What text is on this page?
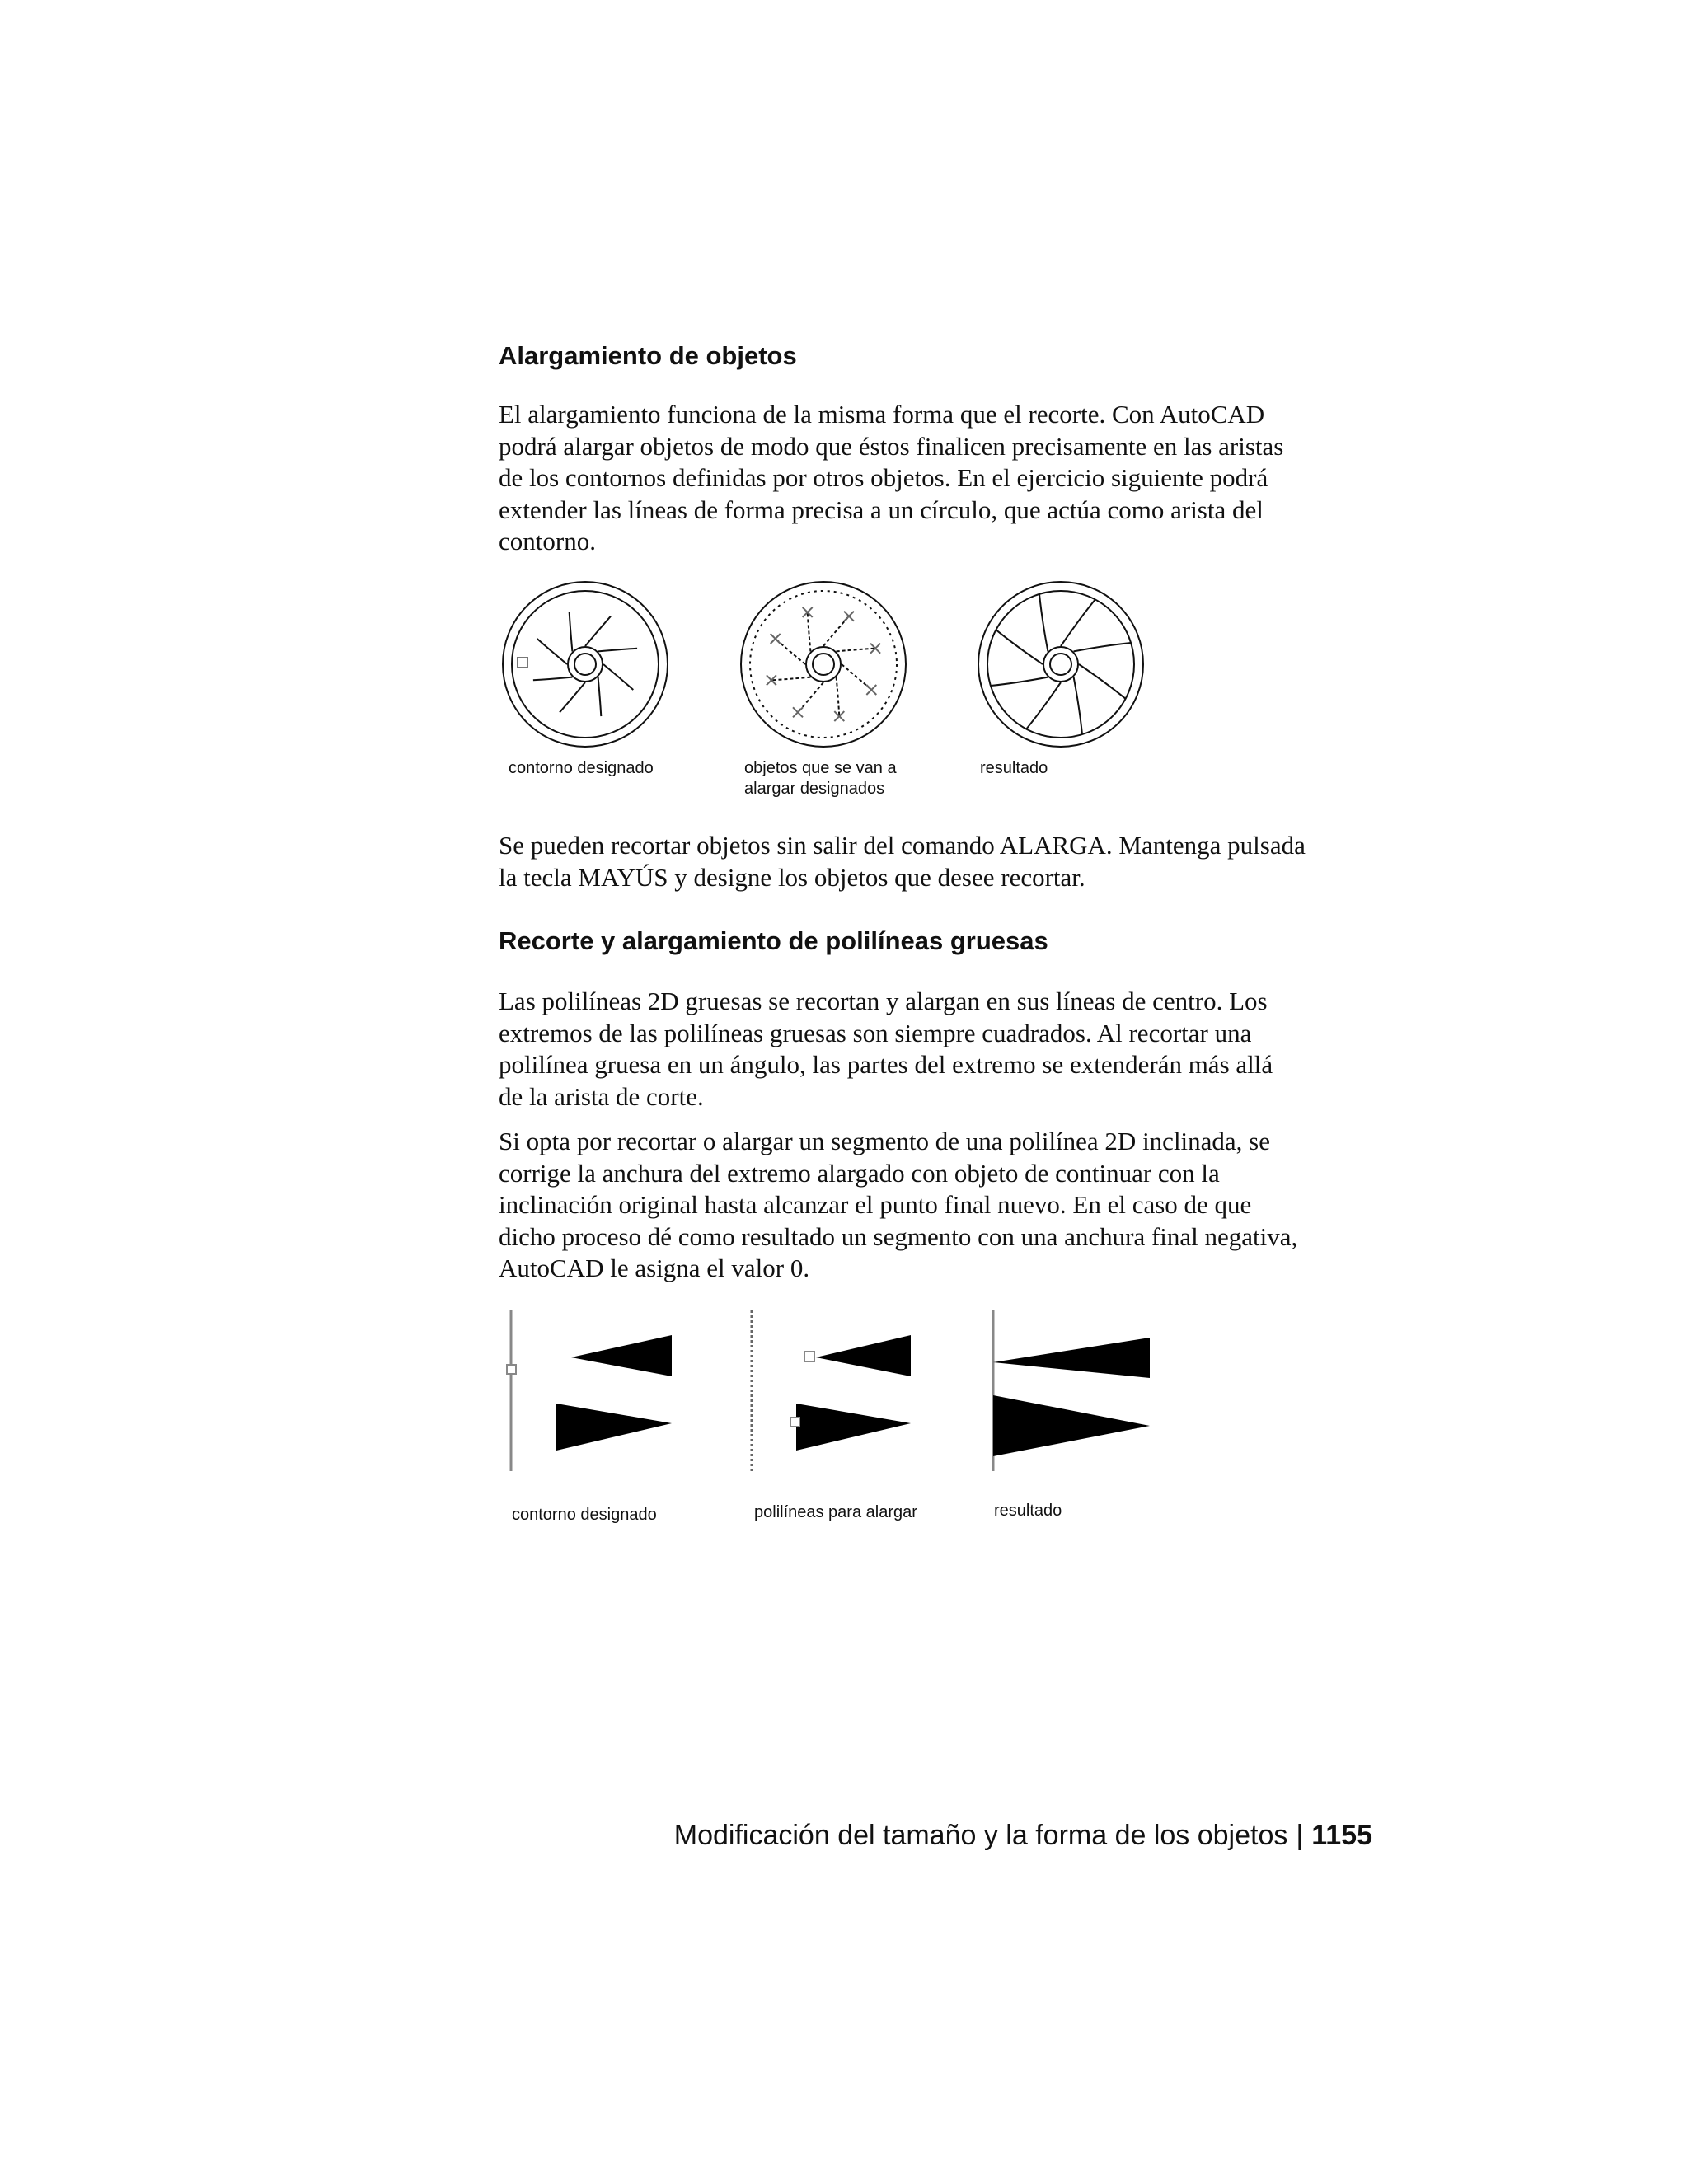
Alargamiento de objetos

El alargamiento funciona de la misma forma que el recorte. Con AutoCAD
podrá alargar objetos de modo que éstos finalicen precisamente en las aristas
de los contornos definidas por otros objetos. En el ejercicio siguiente podrá
extender las líneas de forma precisa a un círculo, que actúa como arista del
contorno.
contorno designado	objetos que se van a
alargar designados
resultado
Se pueden recortar objetos sin salir del comando ALARGA. Mantenga pulsada
la tecla MAYÚS y designe los objetos que desee recortar.

Recorte y alargamiento de polilíneas gruesas

Las polilíneas 2D gruesas se recortan y alargan en sus líneas de centro. Los
extremos de las polilíneas gruesas son siempre cuadrados. Al recortar una
polilínea gruesa en un ángulo, las partes del extremo se extenderán más allá
de la arista de corte.
Si opta por recortar o alargar un segmento de una polilínea 2D inclinada, se
corrige la anchura del extremo alargado con objeto de continuar con la
inclinación original hasta alcanzar el punto final nuevo. En el caso de que
dicho proceso dé como resultado un segmento con una anchura final negativa,
AutoCAD le asigna el valor 0.
contorno designado	polilíneas para alargar	resultado
Modificación del tamaño y la forma de los objetos | 1155
